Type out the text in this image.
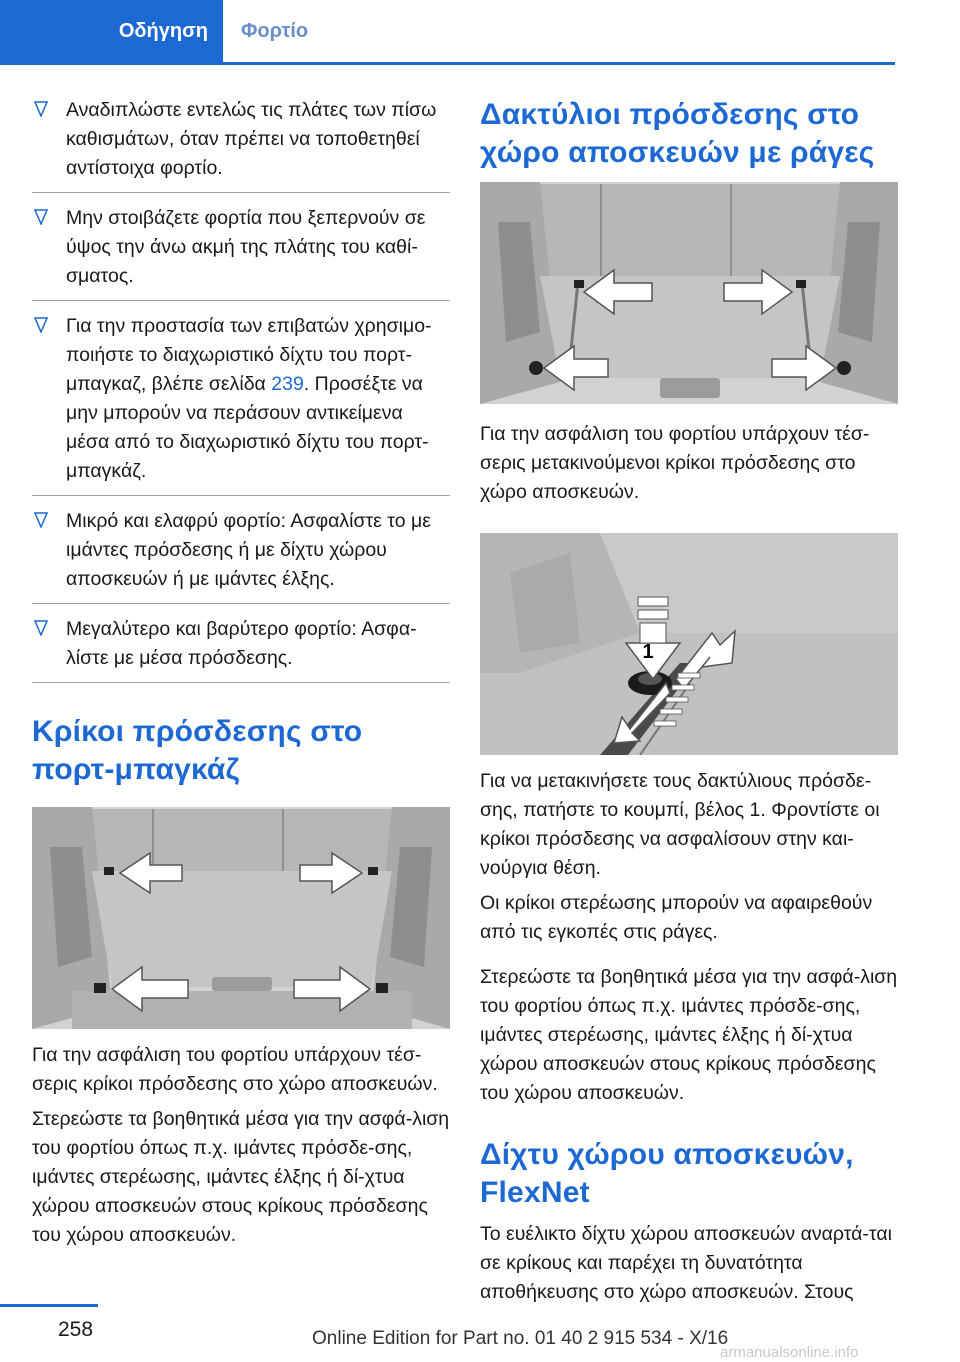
Οδήγηση	Φορτίο
Αναδιπλώστε εντελώς τις πλάτες των πίσω καθισμάτων, όταν πρέπει να τοποθετηθεί αντίστοιχα φορτίο.
Μην στοιβάζετε φορτία που ξεπερνούν σε ύψος την άνω ακμή της πλάτης του καθί-σματος.
Για την προστασία των επιβατών χρησιμο-ποιήστε το διαχωριστικό δίχτυ του πορτ-μπαγκαζ, βλέπε σελίδα 239. Προσέξτε να μην μπορούν να περάσουν αντικείμενα μέσα από το διαχωριστικό δίχτυ του πορτ-μπαγκάζ.
Μικρό και ελαφρύ φορτίο: Ασφαλίστε το με ιμάντες πρόσδεσης ή με δίχτυ χώρου αποσκευών ή με ιμάντες έλξης.
Μεγαλύτερο και βαρύτερο φορτίο: Ασφα-λίστε με μέσα πρόσδεσης.
Κρίκοι πρόσδεσης στο πορτ-μπαγκάζ

Για την ασφάλιση του φορτίου υπάρχουν τέσ-σερις κρίκοι πρόσδεσης στο χώρο αποσκευών.

Στερεώστε τα βοηθητικά μέσα για την ασφά-λιση του φορτίου όπως π.χ. ιμάντες πρόσδε-σης, ιμάντες στερέωσης, ιμάντες έλξης ή δί-χτυα χώρου αποσκευών στους κρίκους πρόσδεσης του χώρου αποσκευών.

Δακτύλιοι πρόσδεσης στο χώρο αποσκευών με ράγες

Για την ασφάλιση του φορτίου υπάρχουν τέσ-σερις μετακινούμενοι κρίκοι πρόσδεσης στο χώρο αποσκευών.

1

Για να μετακινήσετε τους δακτύλιους πρόσδε-σης, πατήστε το κουμπί, βέλος 1. Φροντίστε οι κρίκοι πρόσδεσης να ασφαλίσουν στην και-νούργια θέση.

Οι κρίκοι στερέωσης μπορούν να αφαιρεθούν από τις εγκοπές στις ράγες.

Στερεώστε τα βοηθητικά μέσα για την ασφά-λιση του φορτίου όπως π.χ. ιμάντες πρόσδε-σης, ιμάντες στερέωσης, ιμάντες έλξης ή δί-χτυα χώρου αποσκευών στους κρίκους πρόσδεσης του χώρου αποσκευών.

Δίχτυ χώρου αποσκευών, FlexNet

Το ευέλικτο δίχτυ χώρου αποσκευών αναρτά-ται σε κρίκους και παρέχει τη δυνατότητα αποθήκευσης στο χώρο αποσκευών. Στους

258	Online Edition for Part no. 01 40 2 915 534 - X/16
armanualsonline.info
